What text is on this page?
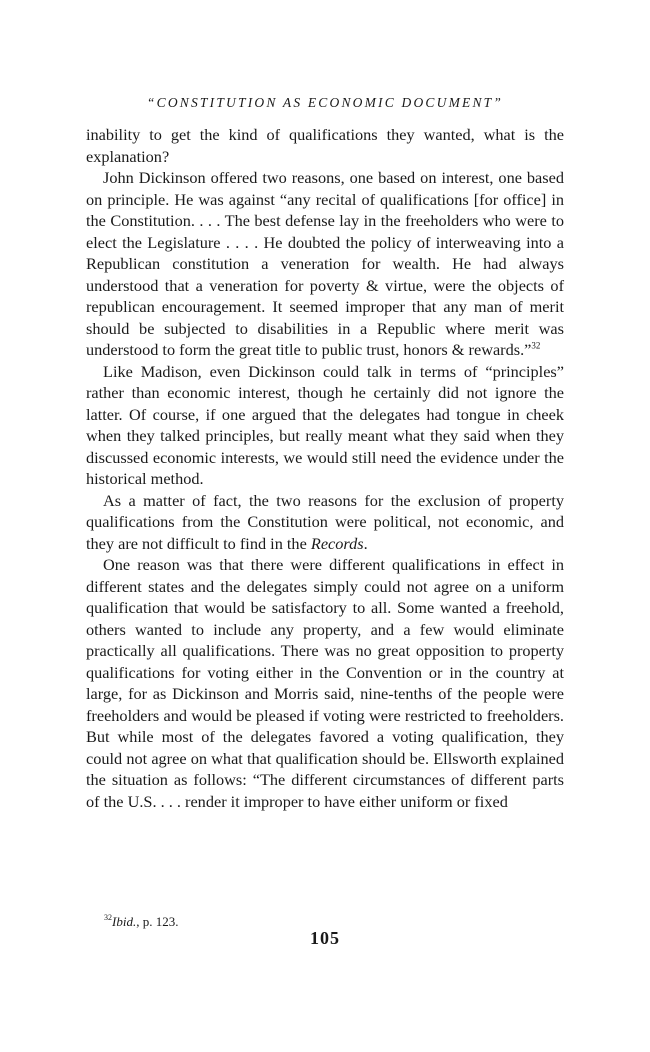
“CONSTITUTION AS ECONOMIC DOCUMENT”

inability to get the kind of qualifications they wanted, what is the explanation?

John Dickinson offered two reasons, one based on interest, one based on principle. He was against “any recital of qualifications [for office] in the Constitution. . . . The best defense lay in the freeholders who were to elect the Legislature . . . . He doubted the policy of interweaving into a Republican constitution a veneration for wealth. He had always understood that a veneration for poverty & virtue, were the objects of republican encouragement. It seemed improper that any man of merit should be subjected to disabilities in a Republic where merit was understood to form the great title to public trust, honors & rewards.”$^{32}$

Like Madison, even Dickinson could talk in terms of “principles” rather than economic interest, though he certainly did not ignore the latter. Of course, if one argued that the delegates had tongue in cheek when they talked principles, but really meant what they said when they discussed economic interests, we would still need the evidence under the historical method.

As a matter of fact, the two reasons for the exclusion of property qualifications from the Constitution were political, not economic, and they are not difficult to find in the Records.

One reason was that there were different qualifications in effect in different states and the delegates simply could not agree on a uniform qualification that would be satisfactory to all. Some wanted a freehold, others wanted to include any property, and a few would eliminate practically all qualifications. There was no great opposition to property qualifications for voting either in the Convention or in the country at large, for as Dickinson and Morris said, nine-tenths of the people were freeholders and would be pleased if voting were restricted to freeholders. But while most of the delegates favored a voting qualification, they could not agree on what that qualification should be. Ellsworth explained the situation as follows: “The different circumstances of different parts of the U.S. . . . render it improper to have either uniform or fixed

$^{32}$Ibid., p. 123.
105
